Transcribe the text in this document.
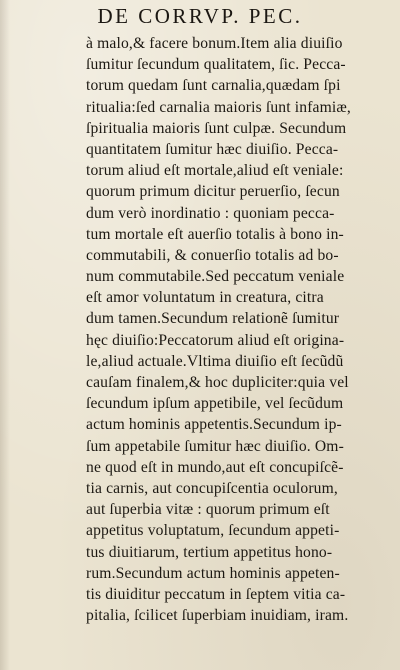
DE CORRVP. PEC.
à malo,& facere bonum.Item alia diuiſio
ſumitur ſecundum qualitatem, ſic. Pecca-
torum quedam ſunt carnalia,quædam ſpi
ritualia:ſed carnalia maioris ſunt infamiæ,
ſpiritualia maioris ſunt culpæ. Secundum
quantitatem ſumitur hæc diuiſio. Pecca-
torum aliud eſt mortale,aliud eſt veniale:
quorum primum dicitur peruerſio, ſecun
dum verò inordinatio : quoniam pecca-
tum mortale eſt auerſio totalis à bono in-
commutabili, & conuerſio totalis ad bo-
num commutabile.Sed peccatum veniale
eſt amor voluntatum in creatura, citra
dum tamen.Secundum relationẽ ſumitur
hęc diuiſio:Peccatorum aliud eſt origina-
le,aliud actuale.Vltima diuiſio eſt ſecũdũ
cauſam finalem,& hoc dupliciter:quia vel
ſecundum ipſum appetibile, vel ſecũdum
actum hominis appetentis.Secundum ip-
ſum appetabile ſumitur hæc diuiſio. Om-
ne quod eſt in mundo,aut eſt concupiſcẽ-
tia carnis, aut concupiſcentia oculorum,
aut ſuperbia vitæ : quorum primum eſt
appetitus voluptatum, ſecundum appeti-
tus diuitiarum, tertium appetitus hono-
rum.Secundum actum hominis appeten-
tis diuiditur peccatum in ſeptem vitia ca-
pitalia, ſcilicet ſuperbiam inuidiam, iram.
